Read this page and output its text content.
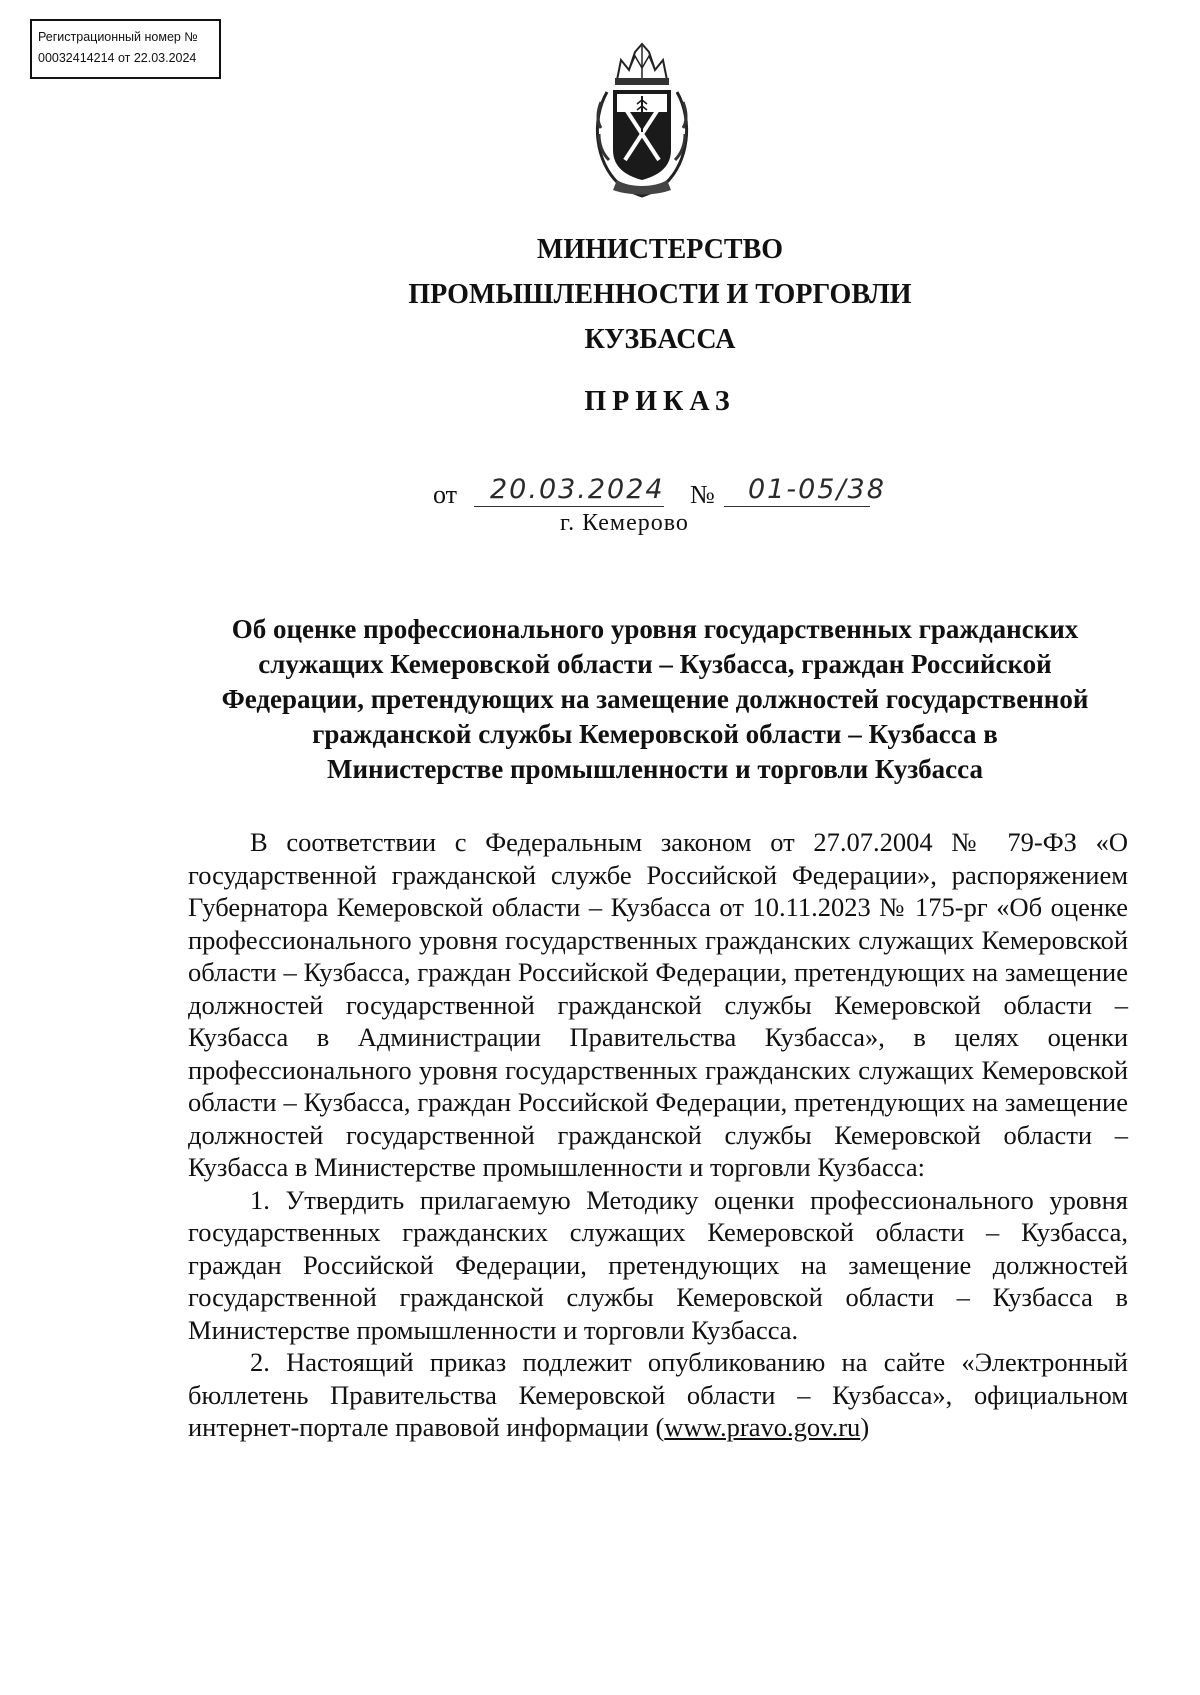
Регистрационный номер №
00032414214 от 22.03.2024
МИНИСТЕРСТВО
ПРОМЫШЛЕННОСТИ И ТОРГОВЛИ
КУЗБАССА
ПРИКАЗ
от 20.03.2024 № 01-05/38
г. Кемерово
Об оценке профессионального уровня государственных гражданских
служащих Кемеровской области – Кузбасса, граждан Российской
Федерации, претендующих на замещение должностей государственной
гражданской службы Кемеровской области – Кузбасса в
Министерстве промышленности и торговли Кузбасса

В соответствии с Федеральным законом от 27.07.2004 № 79-ФЗ «О государственной гражданской службе Российской Федерации», распоряжением Губернатора Кемеровской области – Кузбасса от 10.11.2023 № 175-рг «Об оценке профессионального уровня государственных гражданских служащих Кемеровской области – Кузбасса, граждан Российской Федерации, претендующих на замещение должностей государственной гражданской службы Кемеровской области – Кузбасса в Администрации Правительства Кузбасса», в целях оценки профессионального уровня государственных гражданских служащих Кемеровской области – Кузбасса, граждан Российской Федерации, претендующих на замещение должностей государственной гражданской службы Кемеровской области – Кузбасса в Министерстве промышленности и торговли Кузбасса:

1. Утвердить прилагаемую Методику оценки профессионального уровня государственных гражданских служащих Кемеровской области – Кузбасса, граждан Российской Федерации, претендующих на замещение должностей государственной гражданской службы Кемеровской области – Кузбасса в Министерстве промышленности и торговли Кузбасса.

2. Настоящий приказ подлежит опубликованию на сайте «Электронный бюллетень Правительства Кемеровской области – Кузбасса», официальном интернет-портале правовой информации (www.pravo.gov.ru)
